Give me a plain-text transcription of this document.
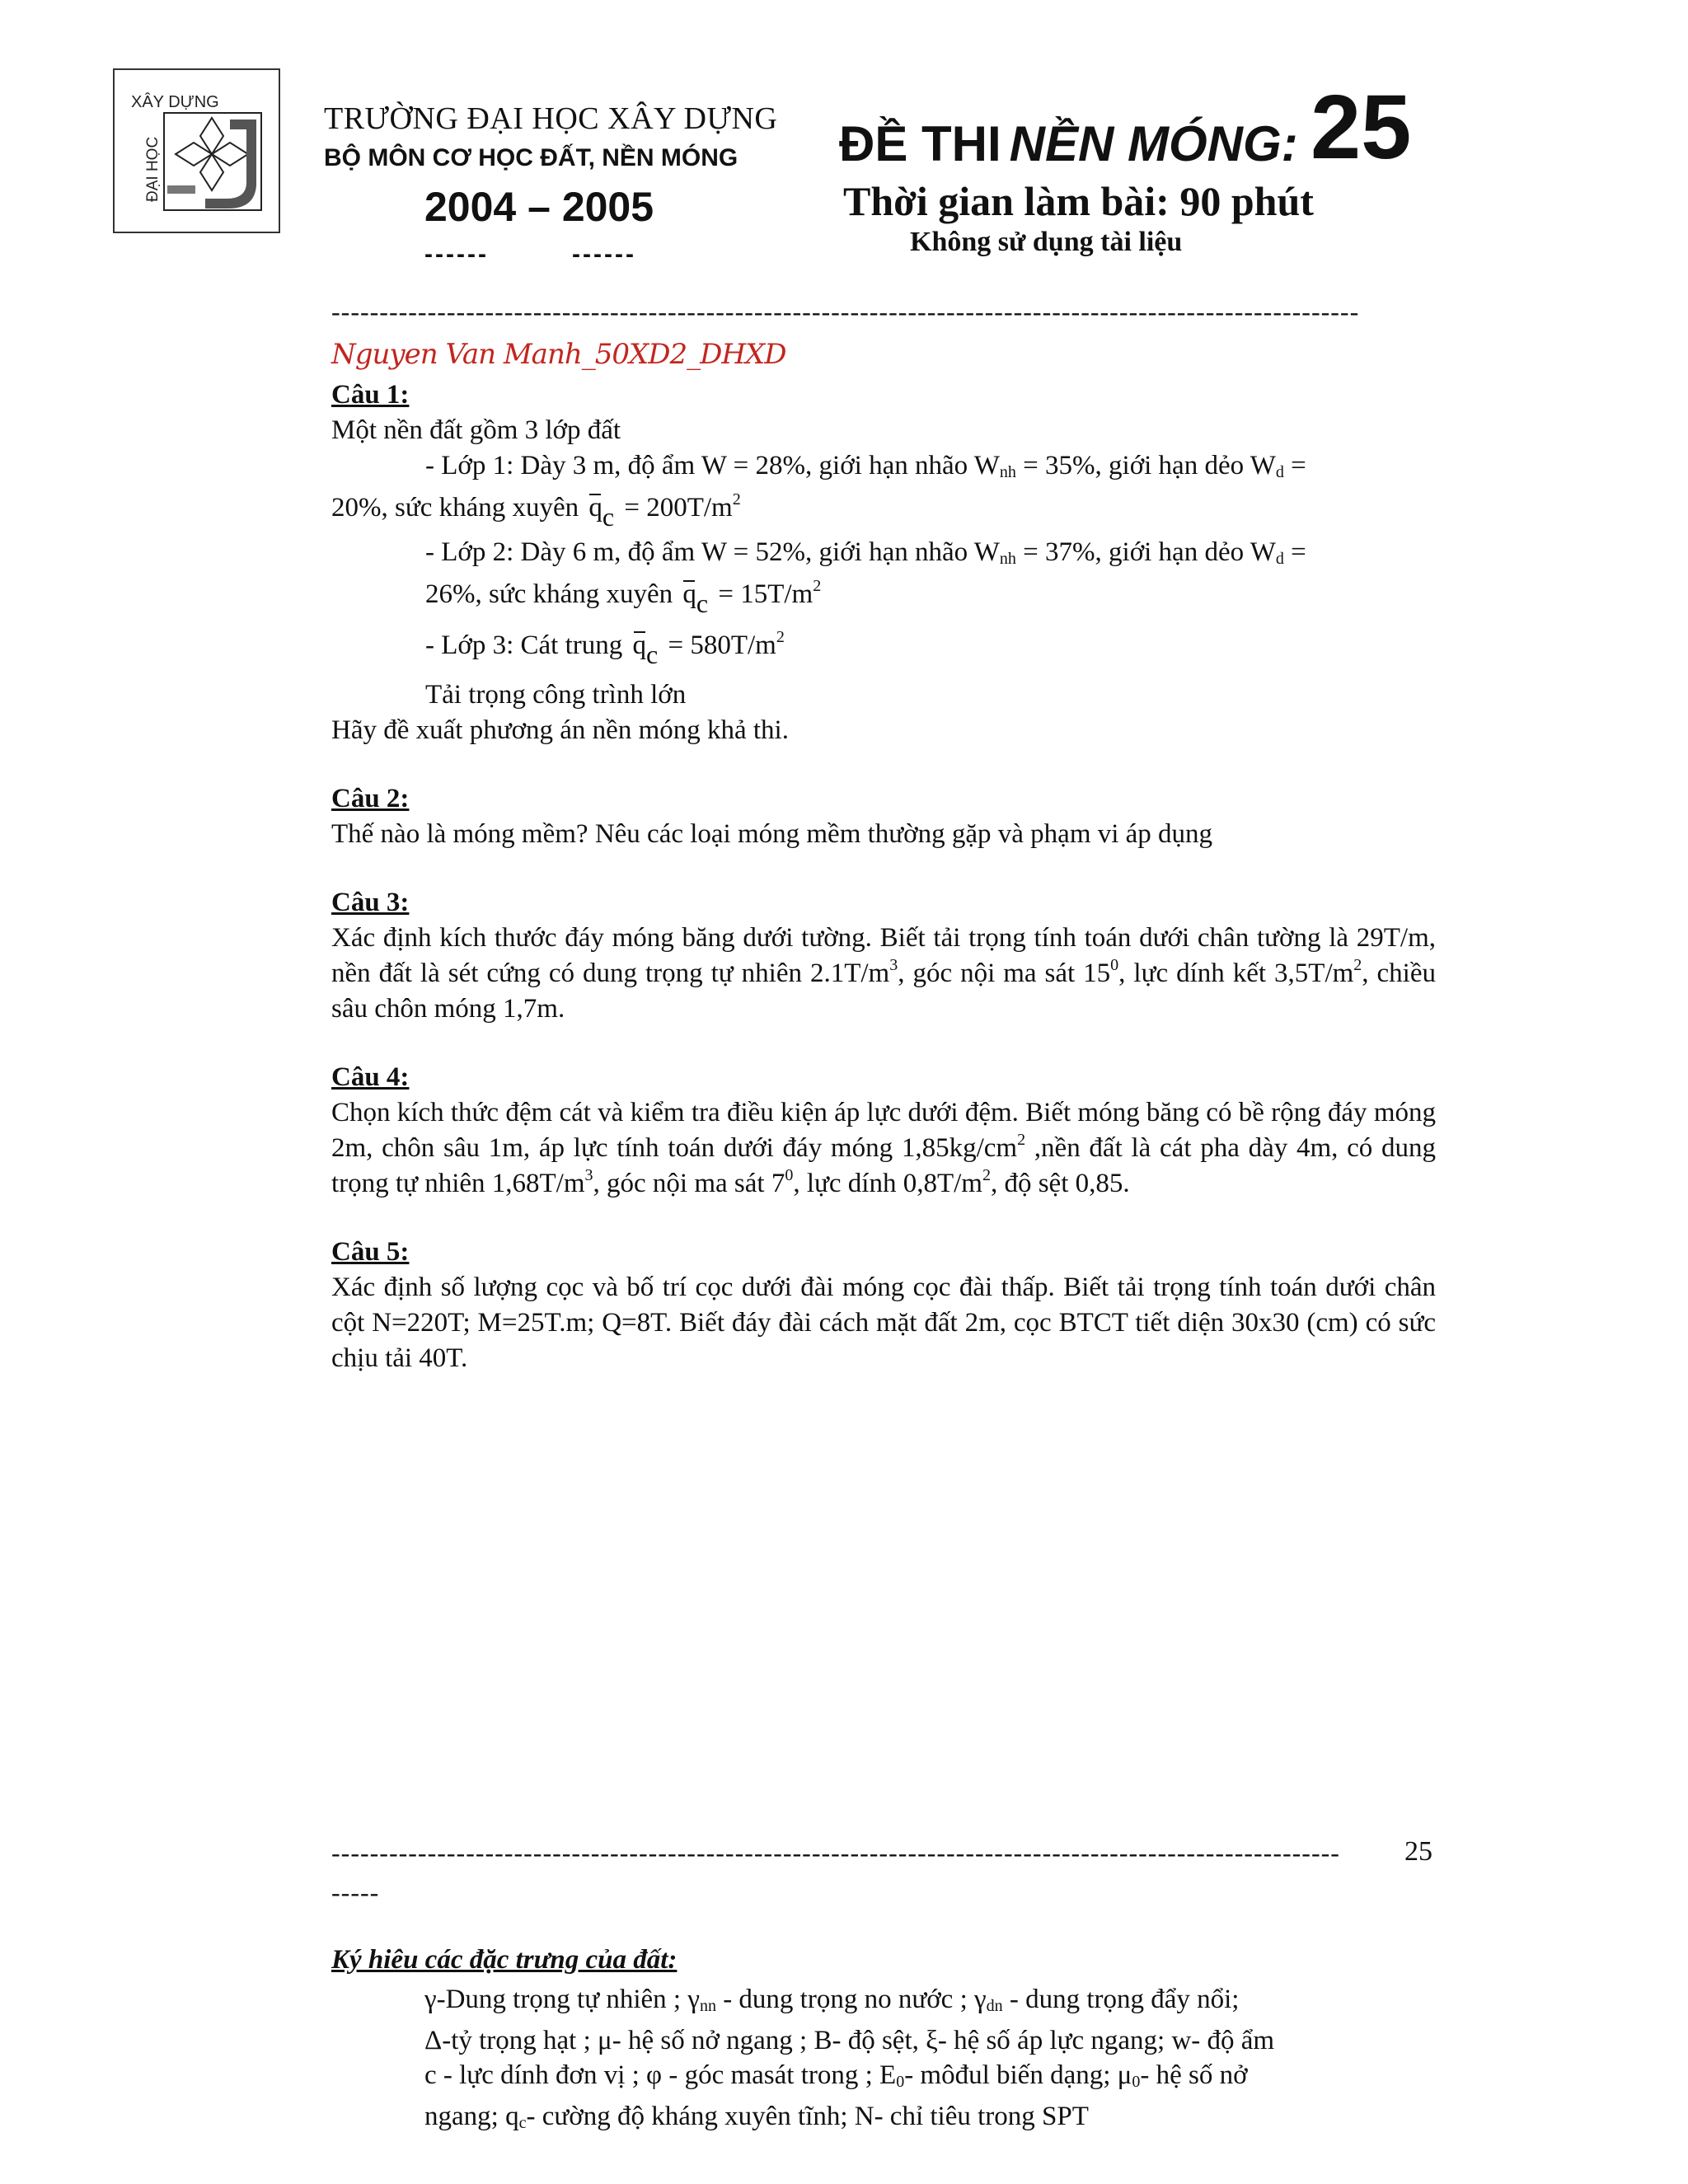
XÂY DỰNG
ĐẠI HỌC
TRƯỜNG ĐẠI HỌC XÂY DỰNG
BỘ MÔN CƠ HỌC ĐẤT, NỀN MÓNG
2004 – 2005
------	------
ĐỀ THI NỀN MÓNG: 25
Thời gian làm bài: 90 phút
Không sử dụng tài liệu
-----------------------------------------------------------------------------------------------------------
Nguyen Van Manh_50XD2_DHXD

Câu 1:

Một nền đất gồm 3 lớp đất

- Lớp 1: Dày 3 m, độ ẩm W = 28%, giới hạn nhão $W_{nh} = 35\%$, giới hạn dẻo $W_d$ =
20%, sức kháng xuyên
qc = $200T/m^2$

- Lớp 2: Dày 6 m, độ ẩm W = 52%, giới hạn nhão $W_{nh} = 37\%$, giới hạn dẻo $W_d$ =
26%, sức kháng xuyên
qc = $15T/m^2$

- Lớp 3: Cát trung
qc = $580T/m^2$

Tải trọng công trình lớn

Hãy đề xuất phương án nền móng khả thi.

Câu 2:

Thế nào là móng mềm? Nêu các loại móng mềm thường gặp và phạm vi áp dụng

Câu 3:

Xác định kích thước đáy móng băng dưới tường. Biết tải trọng tính toán dưới chân tường là 29T/m, nền đất là sét cứng có dung trọng tự nhiên $2.1T/m^3$, góc nội ma sát $15^0$, lực dính kết $3,5T/m^2$, chiều sâu chôn móng 1,7m.

Câu 4:

Chọn kích thức đệm cát và kiểm tra điều kiện áp lực dưới đệm. Biết móng băng có bề rộng đáy móng 2m, chôn sâu 1m, áp lực tính toán dưới đáy móng $1,85kg/cm^2$ ,nền đất là cát pha dày 4m, có dung trọng tự nhiên $1,68T/m^3$, góc nội ma sát $7^0$, lực dính $0,8T/m^2$, độ sệt 0,85.

Câu 5:

Xác định số lượng cọc và bố trí cọc dưới đài móng cọc đài thấp. Biết tải trọng tính toán dưới chân cột N=220T; M=25T.m; Q=8T. Biết đáy đài cách mặt đất 2m, cọc BTCT tiết diện 30x30 (cm) có sức chịu tải 40T.

---------------------------------------------------------------------------------------------------------
-----
25
Ký hiêu các đặc trưng của đất:

γ-Dung trọng tự nhiên ; $\gamma_{nn}$ - dung trọng no nước ; $\gamma_{dn}$ - dung trọng đẩy nổi;

Δ-tỷ trọng hạt ; μ- hệ số nở ngang ; B- độ sệt, ξ- hệ số áp lực ngang; w- độ ẩm

c - lực dính đơn vị ; φ - góc masát trong ; $E_0-$ môđul biến dạng; $\mu_0-$ hệ số nở

ngang; $q_c-$ cường độ kháng xuyên tĩnh; N- chỉ tiêu trong SPT
